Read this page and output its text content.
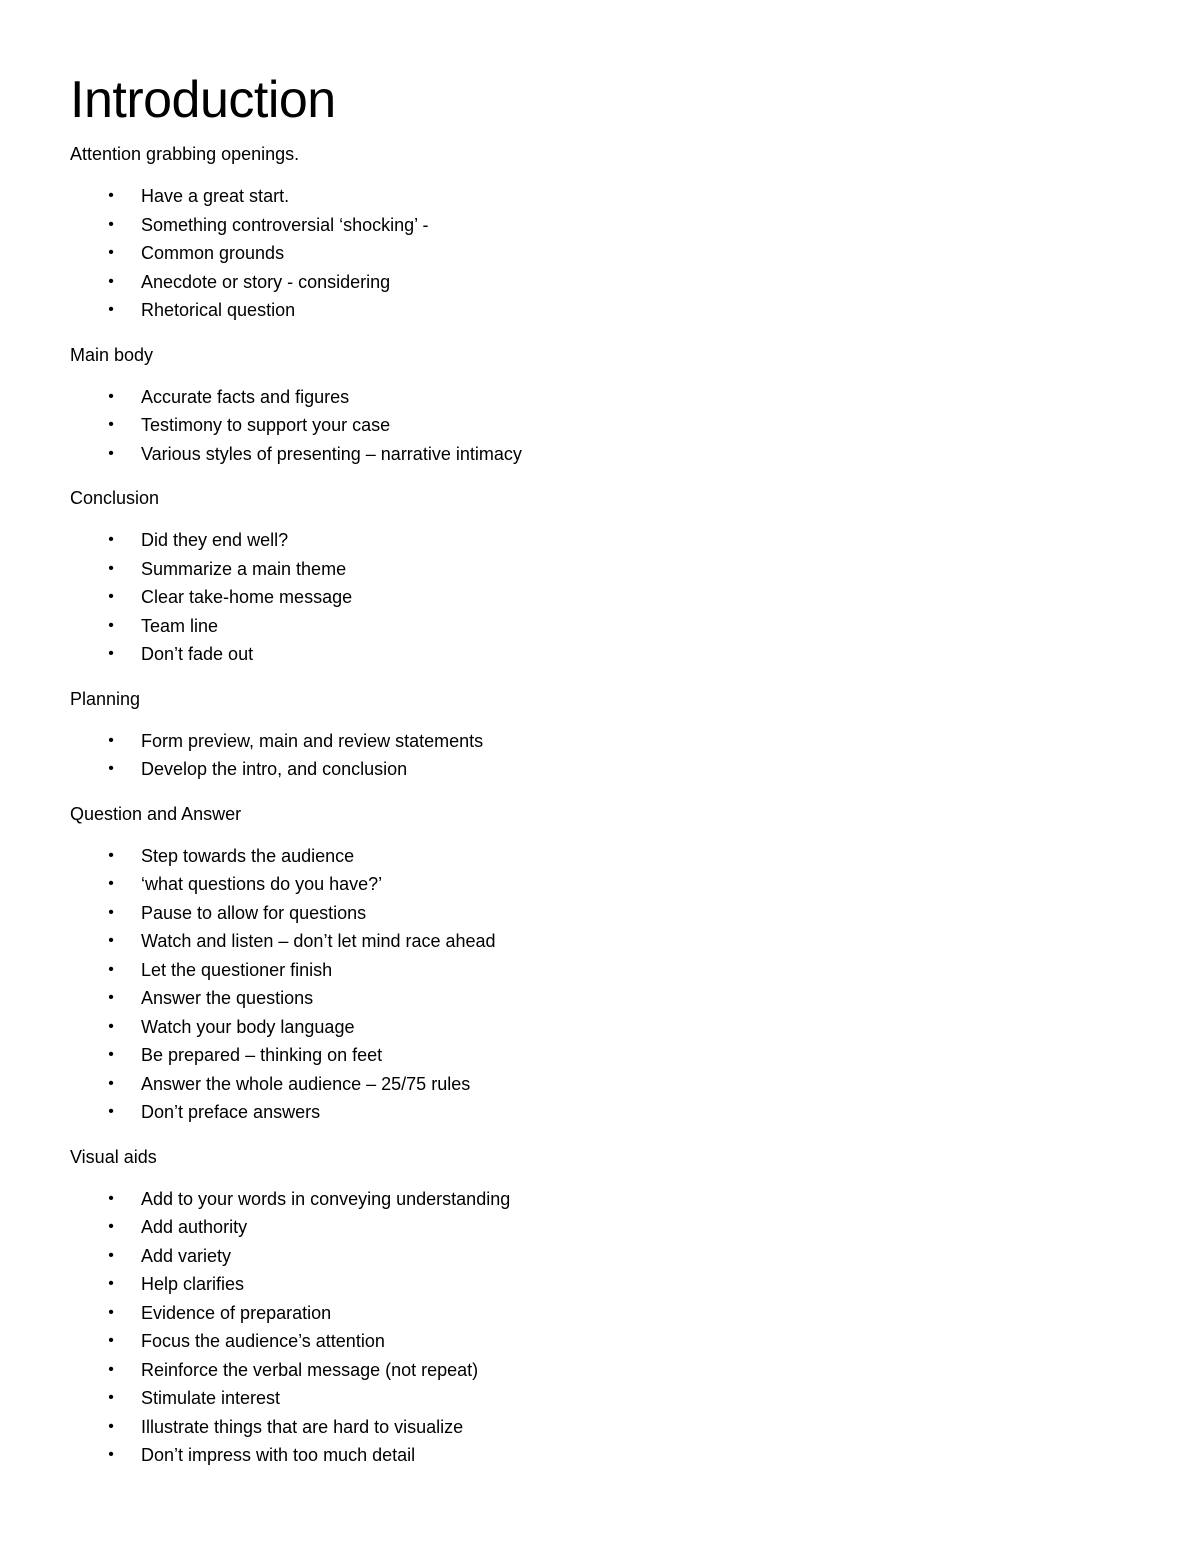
Introduction
Attention grabbing openings.
• Have a great start.
• Something controversial ‘shocking’ -
• Common grounds
• Anecdote or story - considering
• Rhetorical question
Main body
• Accurate facts and figures
• Testimony to support your case
• Various styles of presenting – narrative intimacy
Conclusion
• Did they end well?
• Summarize a main theme
• Clear take-home message
• Team line
• Don’t fade out
Planning
• Form preview, main and review statements
• Develop the intro, and conclusion
Question and Answer
• Step towards the audience
• ‘what questions do you have?’
• Pause to allow for questions
• Watch and listen – don’t let mind race ahead
• Let the questioner finish
• Answer the questions
• Watch your body language
• Be prepared – thinking on feet
• Answer the whole audience – 25/75 rules
• Don’t preface answers
Visual aids
• Add to your words in conveying understanding
• Add authority
• Add variety
• Help clarifies
• Evidence of preparation
• Focus the audience’s attention
• Reinforce the verbal message (not repeat)
• Stimulate interest
• Illustrate things that are hard to visualize
• Don’t impress with too much detail
